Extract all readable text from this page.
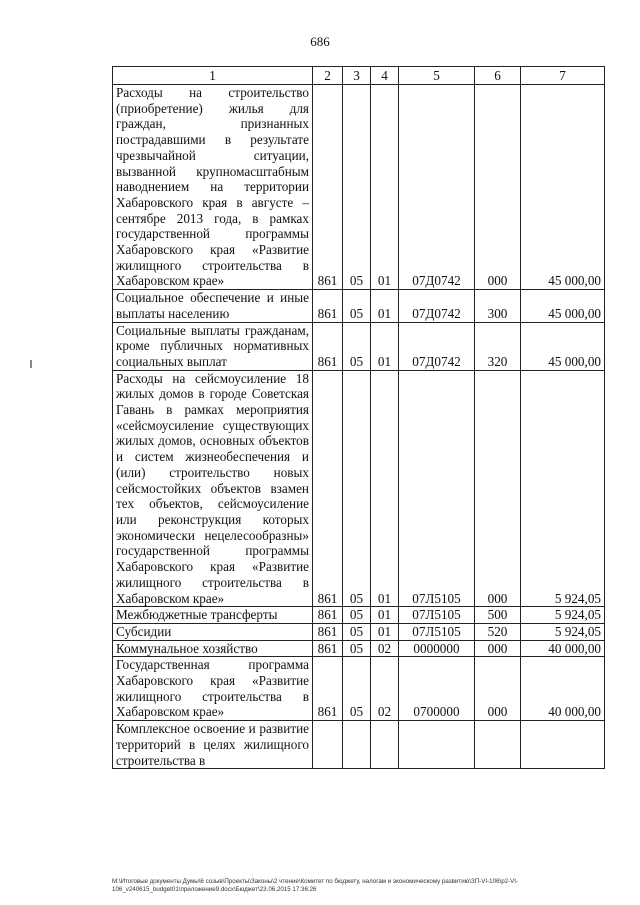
686
1	2	3	4	5	6	7
Расходы на строительство (приобретение) жилья для граждан, признанных пострадавшими в результате чрезвычайной ситуации, вызванной крупномасштабным наводнением на территории Хабаровского края в августе – сентябре 2013 года, в рамках государственной программы Хабаровского края «Развитие жилищного строительства в Хабаровском крае»	861	05	01	07Д0742	000	45 000,00
Социальное обеспечение и иные выплаты населению	861	05	01	07Д0742	300	45 000,00
Социальные выплаты гражданам, кроме публичных нормативных социальных выплат	861	05	01	07Д0742	320	45 000,00
Расходы на сейсмоусиление 18 жилых домов в городе Советская Гавань в рамках мероприятия «сейсмоусиление существующих жилых домов, основных объектов и систем жизнеобеспечения и (или) строительство новых сейсмостойких объектов взамен тех объектов, сейсмоусиление или реконструкция которых экономически нецелесообразны» государственной программы Хабаровского края «Развитие жилищного строительства в Хабаровском крае»	861	05	01	07Л5105	000	5 924,05
Межбюджетные трансферты	861	05	01	07Л5105	500	5 924,05
Субсидии	861	05	01	07Л5105	520	5 924,05
Коммунальное хозяйство	861	05	02	0000000	000	40 000,00
Государственная программа Хабаровского края «Развитие жилищного строительства в Хабаровском крае»	861	05	02	0700000	000	40 000,00
Комплексное освоение и развитие территорий в целях жилищного строительства в						
M:\Итоговые документы Думы\6 созыв\Проекты\Законы\2 чтение\Комитет по бюджету, налогам и экономическому развитию\ЗП-VI-106\р2-VI-106_v240615_budget01\приложение9.docx\Бюджет\23.06.2015 17:36:26
